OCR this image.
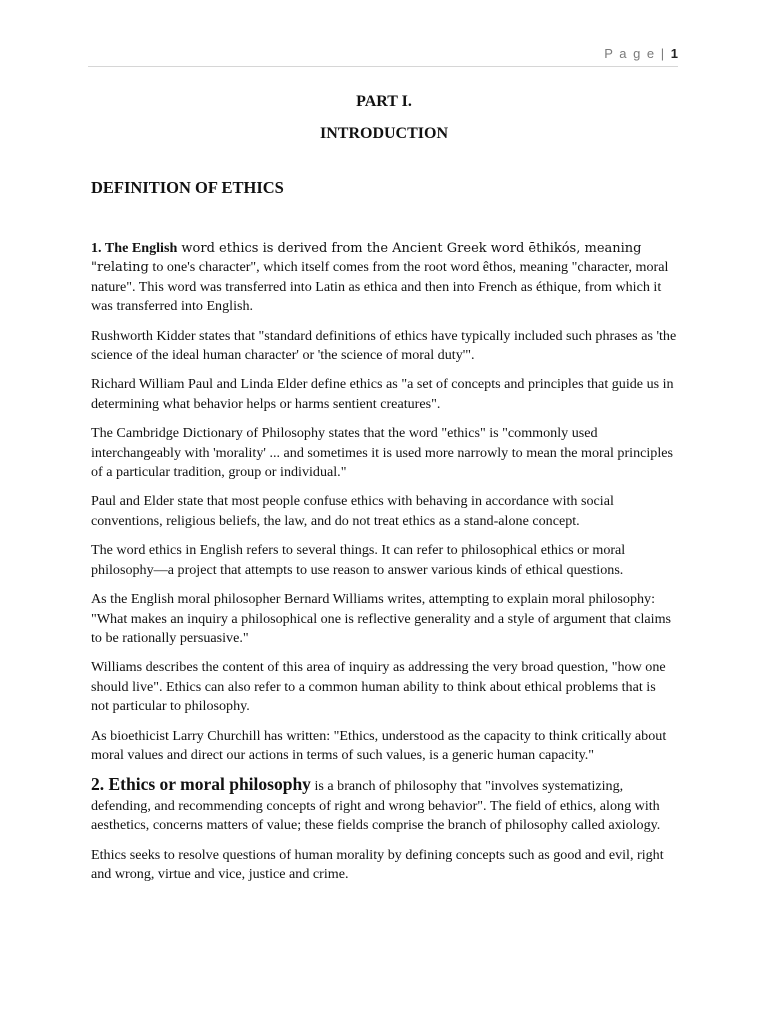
P a g e | 1
PART I.
INTRODUCTION
DEFINITION OF ETHICS

1. The English word ethics is derived from the Ancient Greek word ēthikós, meaning "relating to one's character", which itself comes from the root word êthos, meaning "character, moral nature". This word was transferred into Latin as ethica and then into French as éthique, from which it was transferred into English.

Rushworth Kidder states that "standard definitions of ethics have typically included such phrases as 'the science of the ideal human character' or 'the science of moral duty'".

Richard William Paul and Linda Elder define ethics as "a set of concepts and principles that guide us in determining what behavior helps or harms sentient creatures".

The Cambridge Dictionary of Philosophy states that the word "ethics" is "commonly used interchangeably with 'morality' ... and sometimes it is used more narrowly to mean the moral principles of a particular tradition, group or individual."

Paul and Elder state that most people confuse ethics with behaving in accordance with social conventions, religious beliefs, the law, and do not treat ethics as a stand-alone concept.

The word ethics in English refers to several things. It can refer to philosophical ethics or moral philosophy—a project that attempts to use reason to answer various kinds of ethical questions.

As the English moral philosopher Bernard Williams writes, attempting to explain moral philosophy: "What makes an inquiry a philosophical one is reflective generality and a style of argument that claims to be rationally persuasive."

Williams describes the content of this area of inquiry as addressing the very broad question, "how one should live". Ethics can also refer to a common human ability to think about ethical problems that is not particular to philosophy.

As bioethicist Larry Churchill has written: "Ethics, understood as the capacity to think critically about moral values and direct our actions in terms of such values, is a generic human capacity."

2. Ethics or moral philosophy is a branch of philosophy that "involves systematizing, defending, and recommending concepts of right and wrong behavior". The field of ethics, along with aesthetics, concerns matters of value; these fields comprise the branch of philosophy called axiology.

Ethics seeks to resolve questions of human morality by defining concepts such as good and evil, right and wrong, virtue and vice, justice and crime.
